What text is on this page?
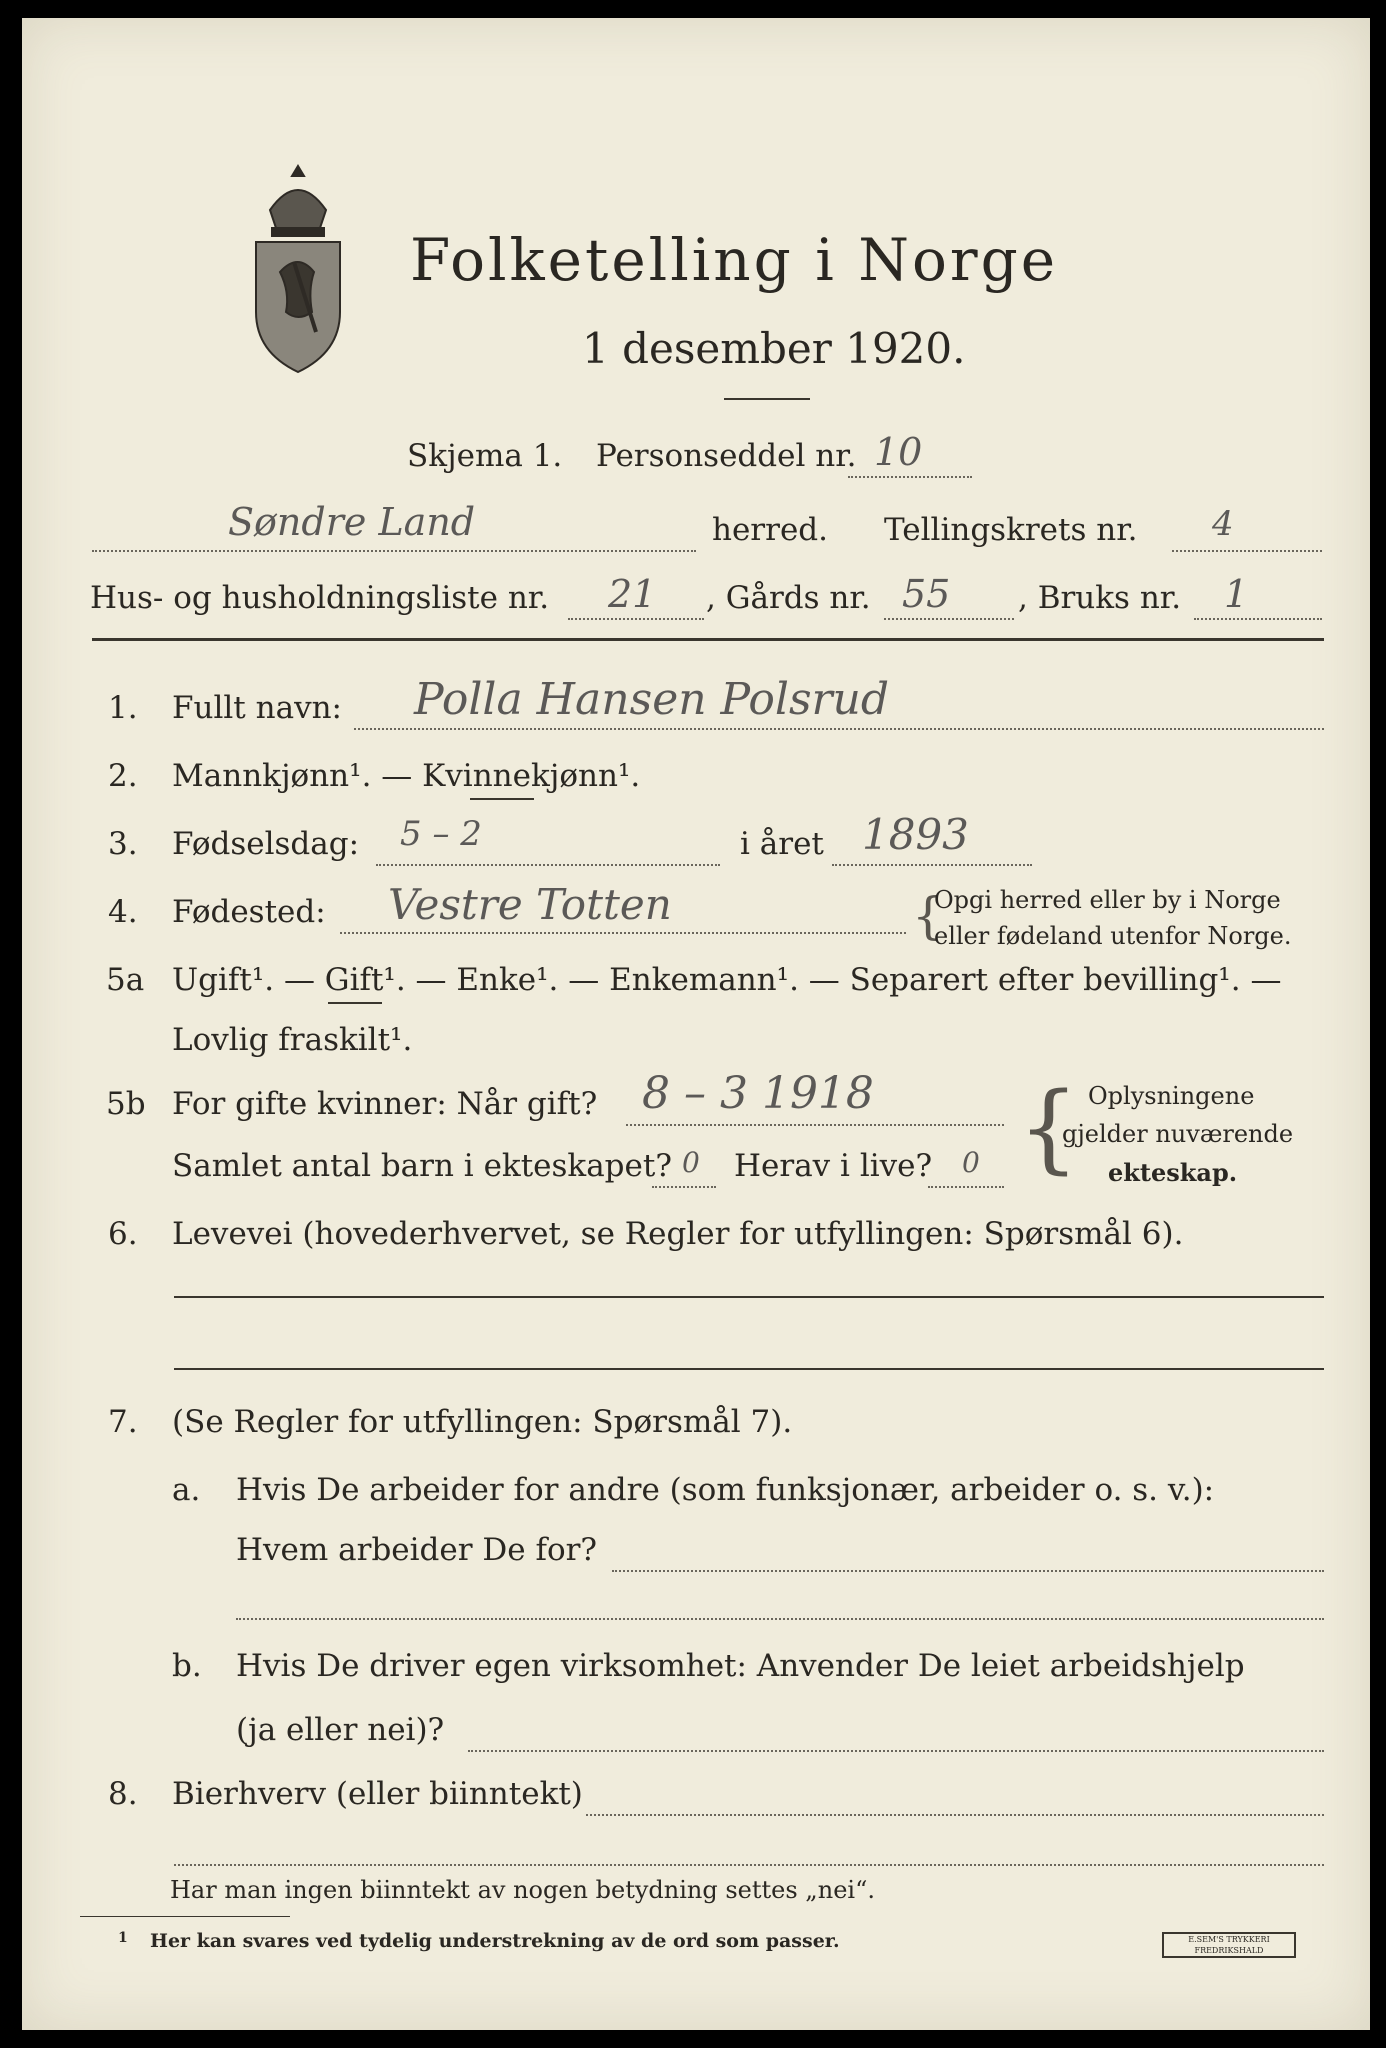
Folketelling i Norge
1 desember 1920.
Skjema 1. Personseddel nr. 10
Søndre Land	herred. Tellingskrets nr. 4
Hus- og husholdningsliste nr. 21 , Gårds nr. 55 , Bruks nr. 1
1. Fullt navn: Polla Hansen Polsrud
2. Mannkjønn¹. — Kvinnekjønn¹.
3. Fødselsdag: 5 – 2	i året 1893
4. Fødested: Vestre Totten	{
Opgi herred eller by i Norge
eller fødeland utenfor Norge.
5a Ugift¹. — Gift¹. — Enke¹. — Enkemann¹. — Separert efter bevilling¹. —
Lovlig fraskilt¹.
5b For gifte kvinner: Når gift? 8 – 3 1918
Samlet antal barn i ekteskapet? 0 Herav i live? 0 { Oplysningene
gjelder nuværende
ekteskap.
6. Levevei (hovederhvervet, se Regler for utfyllingen: Spørsmål 6).
7. (Se Regler for utfyllingen: Spørsmål 7).
a. Hvis De arbeider for andre (som funksjonær, arbeider o. s. v.):
Hvem arbeider De for?
b. Hvis De driver egen virksomhet: Anvender De leiet arbeidshjelp
(ja eller nei)?
8. Bierhverv (eller biinntekt)
Har man ingen biinntekt av nogen betydning settes „nei“.
1 Her kan svares ved tydelig understrekning av de ord som passer.	E.SEM'S TRYKKERI FREDRIKSHALD
